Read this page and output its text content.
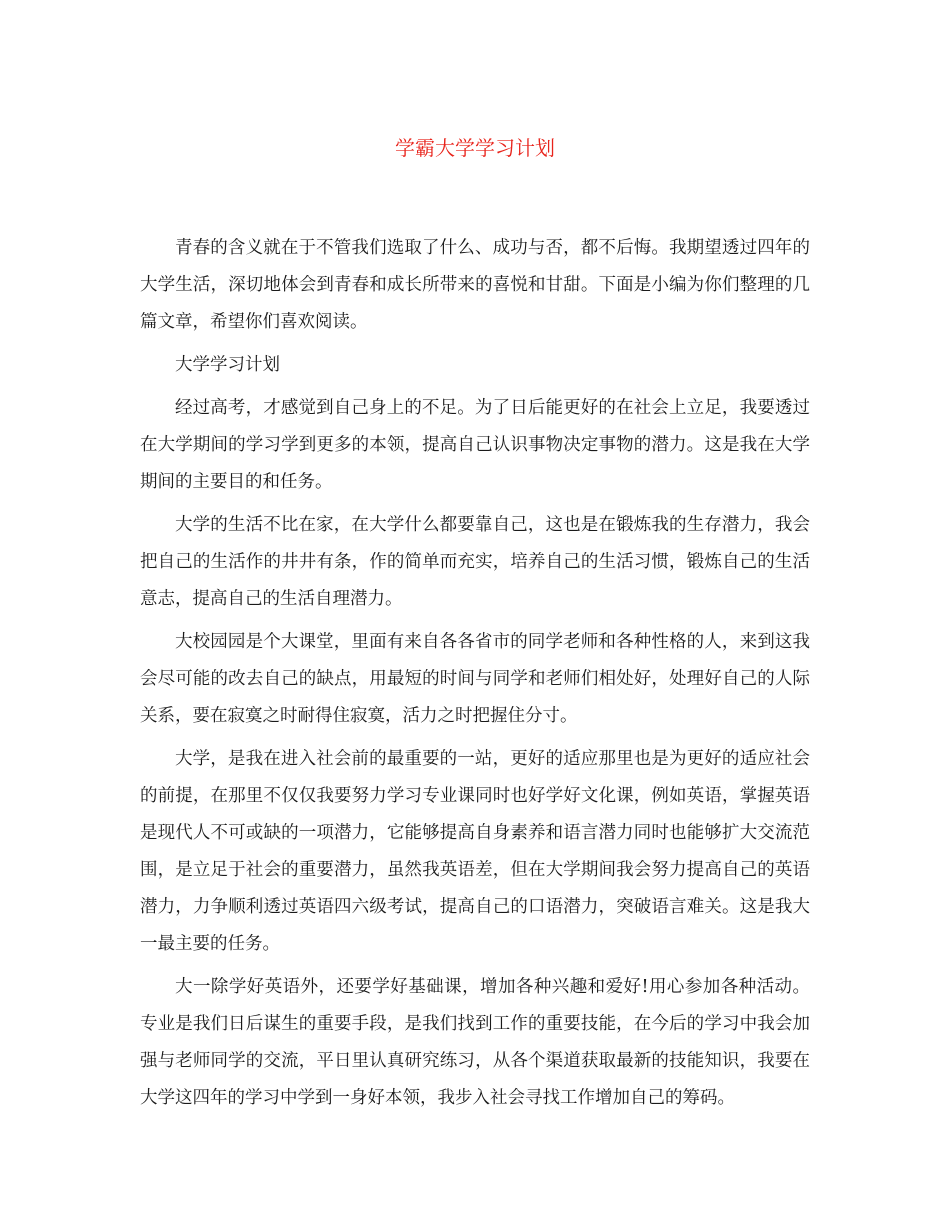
学霸大学学习计划

青春的含义就在于不管我们选取了什么、成功与否，都不后悔。我期望透过四年的大学生活，深切地体会到青春和成长所带来的喜悦和甘甜。下面是小编为你们整理的几篇文章，希望你们喜欢阅读。

大学学习计划

经过高考，才感觉到自己身上的不足。为了日后能更好的在社会上立足，我要透过在大学期间的学习学到更多的本领，提高自己认识事物决定事物的潜力。这是我在大学期间的主要目的和任务。

大学的生活不比在家，在大学什么都要靠自己，这也是在锻炼我的生存潜力，我会把自己的生活作的井井有条，作的简单而充实，培养自己的生活习惯，锻炼自己的生活意志，提高自己的生活自理潜力。

大校园园是个大课堂，里面有来自各各省市的同学老师和各种性格的人，来到这我会尽可能的改去自己的缺点，用最短的时间与同学和老师们相处好，处理好自己的人际关系，要在寂寞之时耐得住寂寞，活力之时把握住分寸。

大学，是我在进入社会前的最重要的一站，更好的适应那里也是为更好的适应社会的前提，在那里不仅仅我要努力学习专业课同时也好学好文化课，例如英语，掌握英语是现代人不可或缺的一项潜力，它能够提高自身素养和语言潜力同时也能够扩大交流范围，是立足于社会的重要潜力，虽然我英语差，但在大学期间我会努力提高自己的英语潜力，力争顺利透过英语四六级考试，提高自己的口语潜力，突破语言难关。这是我大一最主要的任务。

大一除学好英语外，还要学好基础课，增加各种兴趣和爱好!用心参加各种活动。专业是我们日后谋生的重要手段，是我们找到工作的重要技能，在今后的学习中我会加强与老师同学的交流，平日里认真研究练习，从各个渠道获取最新的技能知识，我要在大学这四年的学习中学到一身好本领，我步入社会寻找工作增加自己的筹码。
